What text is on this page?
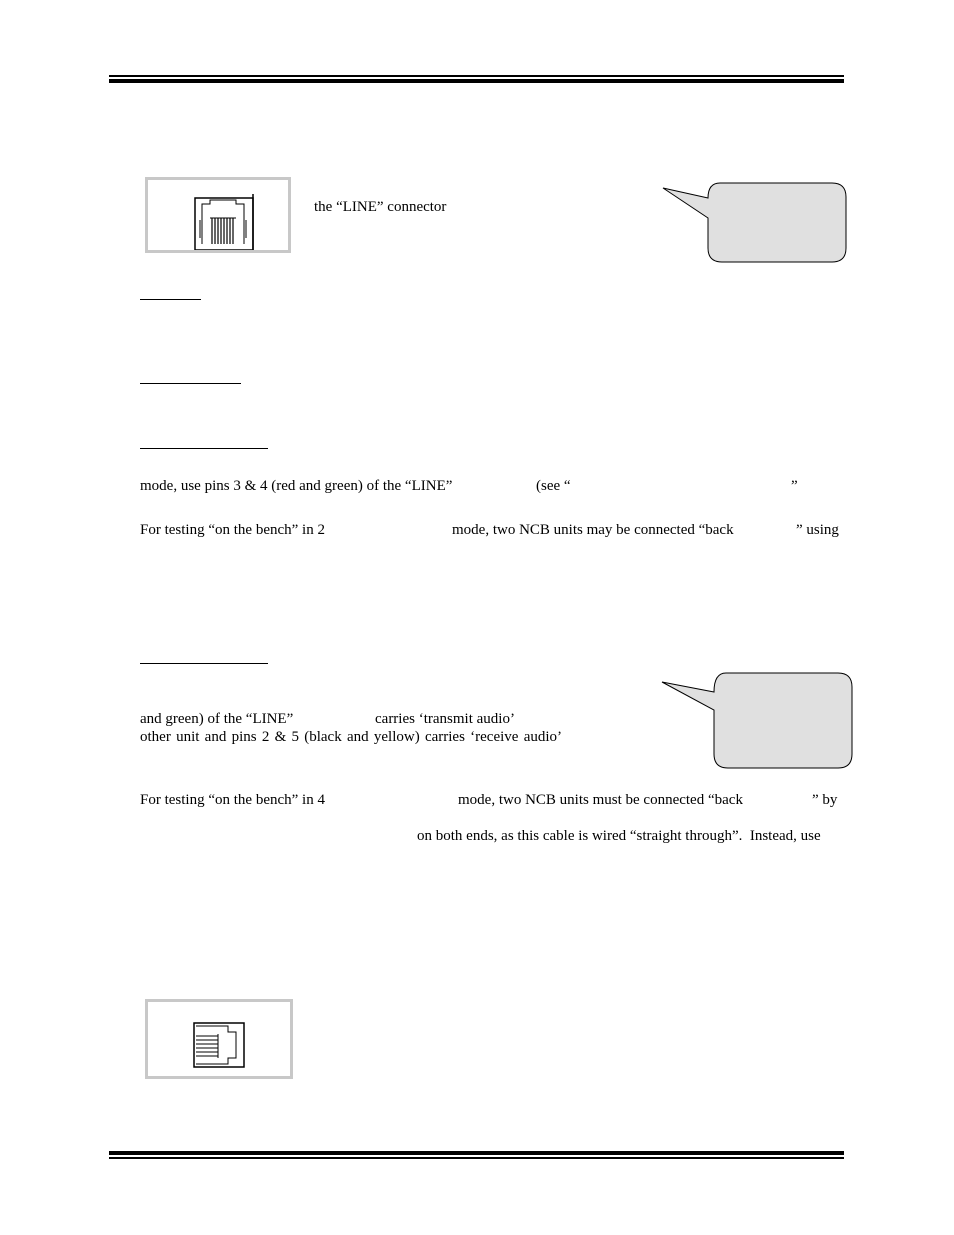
the “LINE” connector
mode, use pins 3 & 4 (red and green) of the “LINE”	(see “	”
For testing “on the bench” in 2	mode, two NCB units may be connected “back	” using
and green) of the “LINE”	carries ‘transmit audio’
other unit and pins 2 & 5 (black and yellow) carries ‘receive audio’
For testing “on the bench” in 4	mode, two NCB units must be connected “back	” by
on both ends, as this cable is wired “straight through”.  Instead, use
